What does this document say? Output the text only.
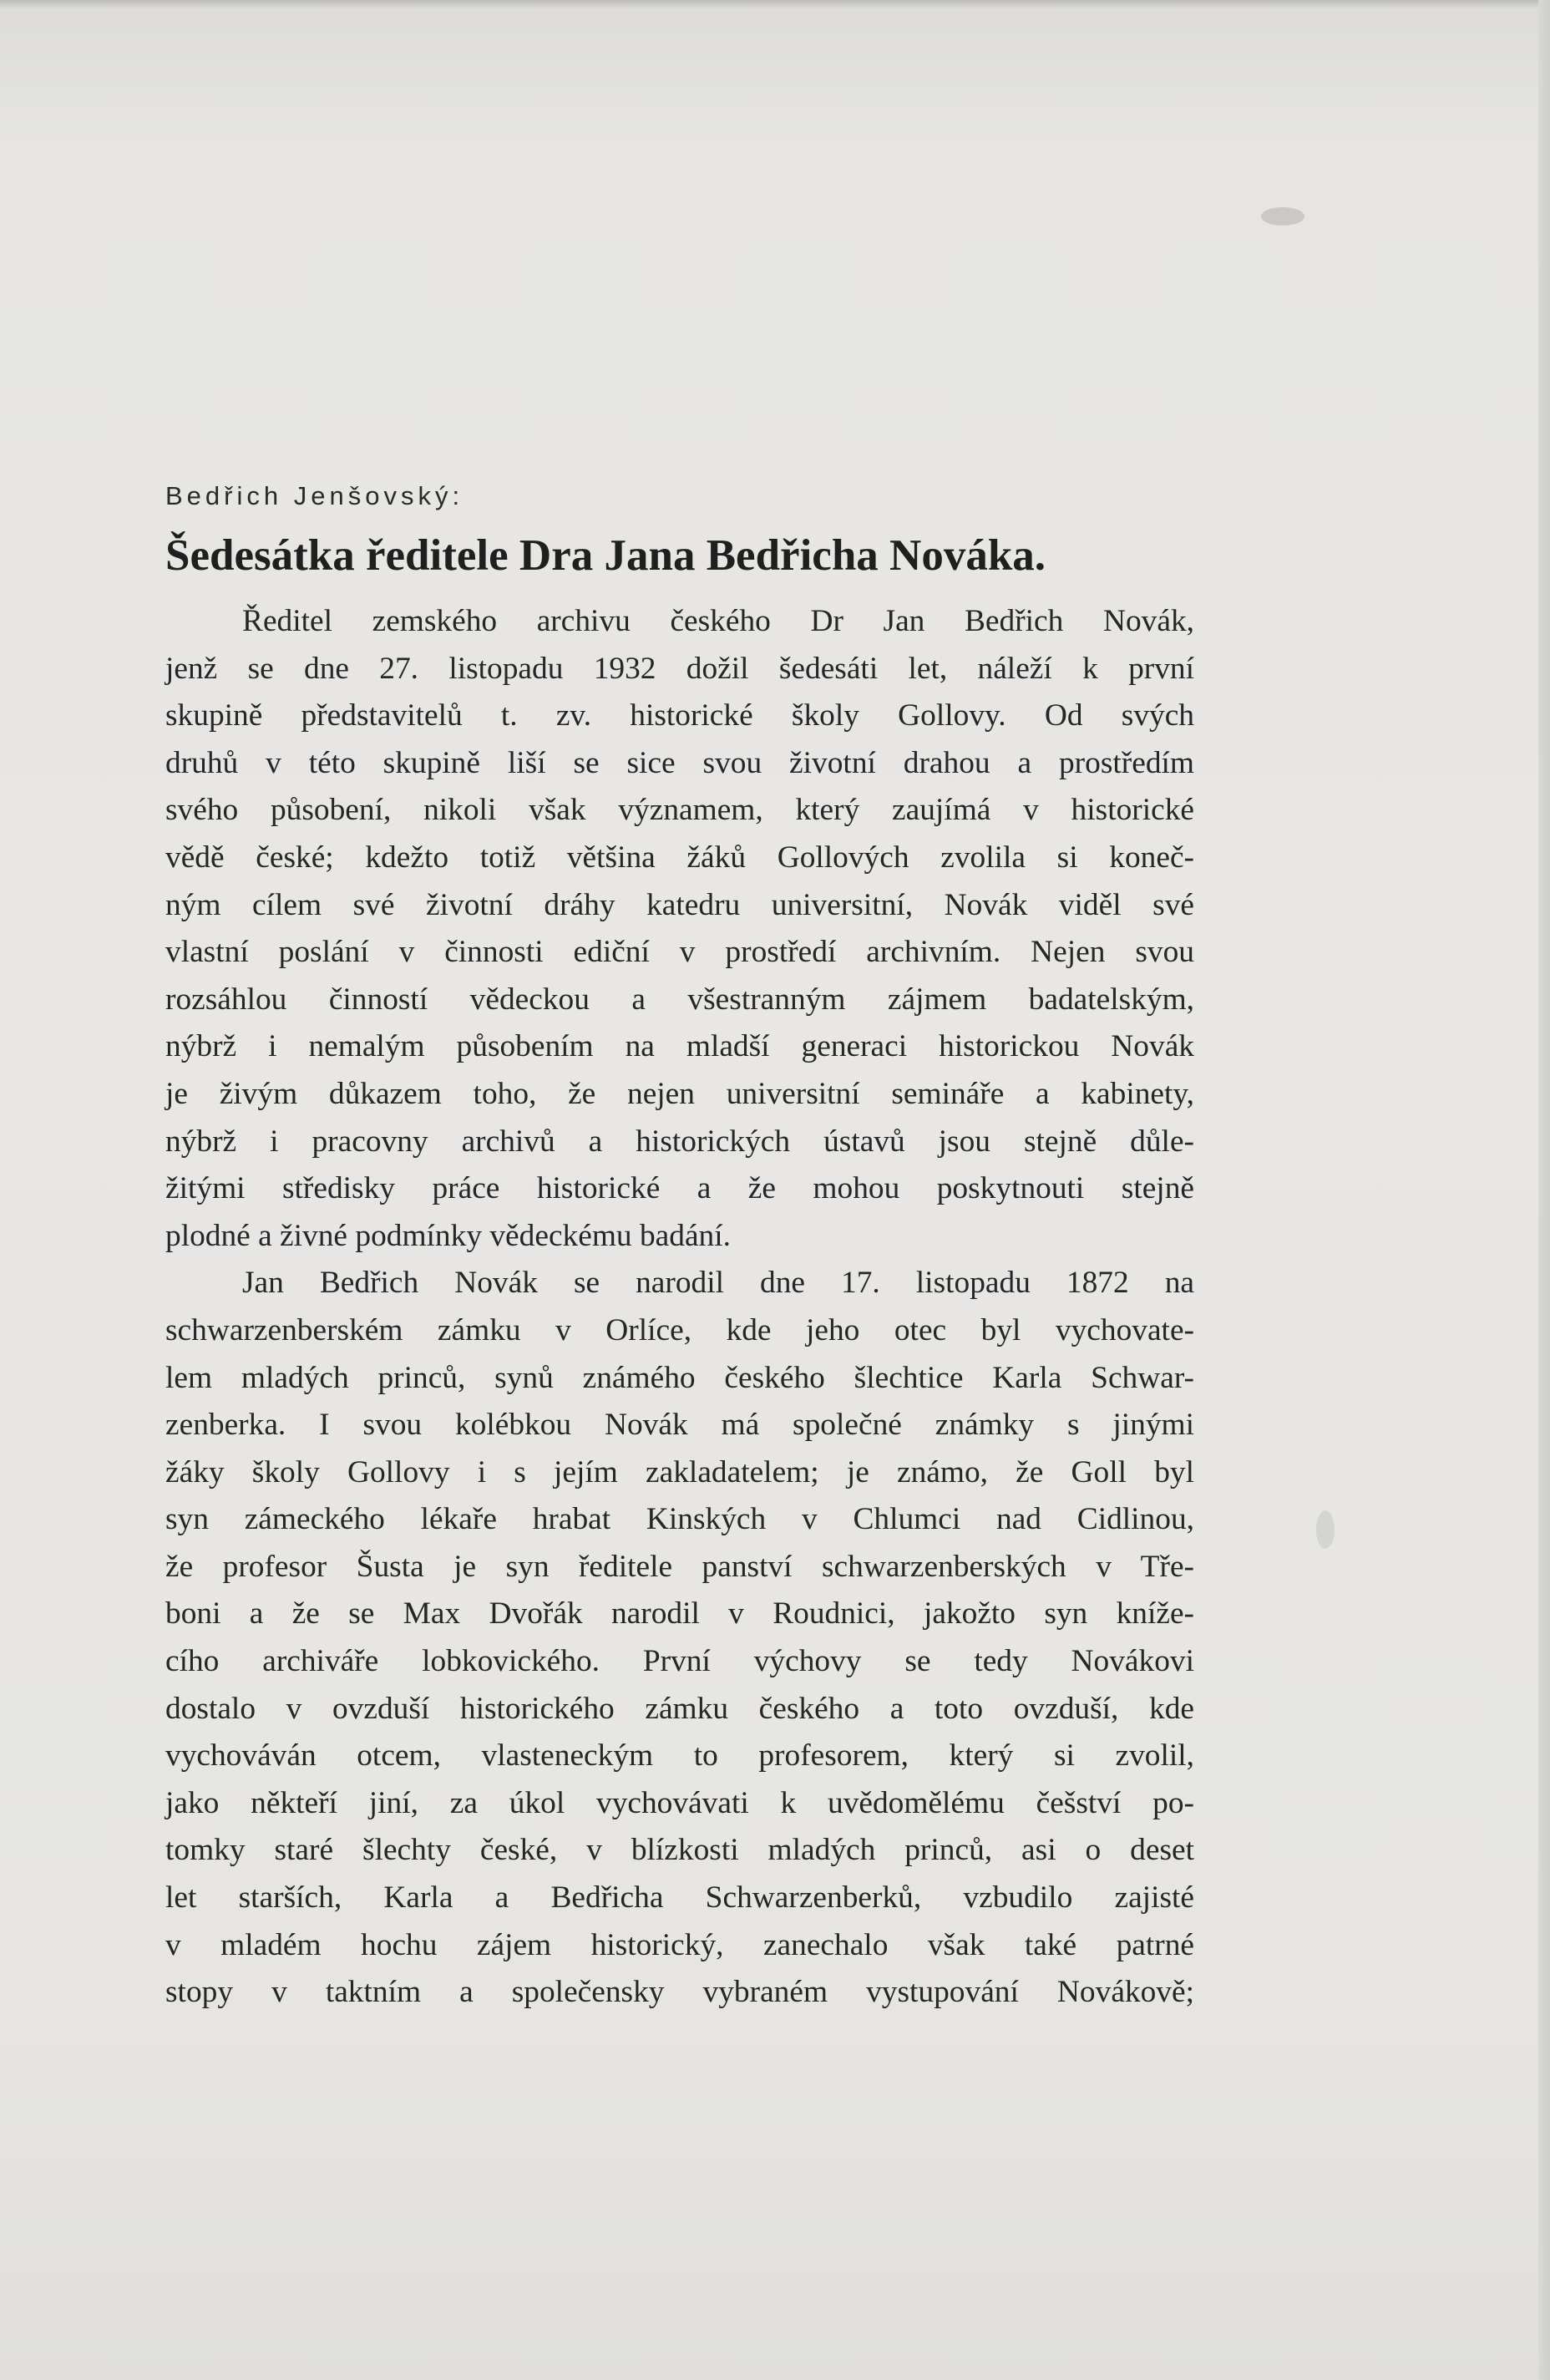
Bedřich Jenšovský:
Šedesátka ředitele Dra Jana Bedřicha Nováka.
Ředitel zemského archivu českého Dr Jan Bedřich Novák,
jenž se dne 27. listopadu 1932 dožil šedesáti let, náleží k první
skupině představitelů t. zv. historické školy Gollovy. Od svých
druhů v této skupině liší se sice svou životní drahou a prostředím
svého působení, nikoli však významem, který zaujímá v historické
vědě české; kdežto totiž většina žáků Gollových zvolila si koneč-
ným cílem své životní dráhy katedru universitní, Novák viděl své
vlastní poslání v činnosti ediční v prostředí archivním. Nejen svou
rozsáhlou činností vědeckou a všestranným zájmem badatelským,
nýbrž i nemalým působením na mladší generaci historickou Novák
je živým důkazem toho, že nejen universitní semináře a kabinety,
nýbrž i pracovny archivů a historických ústavů jsou stejně důle-
žitými středisky práce historické a že mohou poskytnouti stejně
plodné a živné podmínky vědeckému badání.
Jan Bedřich Novák se narodil dne 17. listopadu 1872 na
schwarzenberském zámku v Orlíce, kde jeho otec byl vychovate-
lem mladých princů, synů známého českého šlechtice Karla Schwar-
zenberka. I svou kolébkou Novák má společné známky s jinými
žáky školy Gollovy i s jejím zakladatelem; je známo, že Goll byl
syn zámeckého lékaře hrabat Kinských v Chlumci nad Cidlinou,
že profesor Šusta je syn ředitele panství schwarzenberských v Tře-
boni a že se Max Dvořák narodil v Roudnici, jakožto syn kníže-
cího archiváře lobkovického. První výchovy se tedy Novákovi
dostalo v ovzduší historického zámku českého a toto ovzduší, kde
vychováván otcem, vlasteneckým to profesorem, který si zvolil,
jako někteří jiní, za úkol vychovávati k uvědomělému češství po-
tomky staré šlechty české, v blízkosti mladých princů, asi o deset
let starších, Karla a Bedřicha Schwarzenberků, vzbudilo zajisté
v mladém hochu zájem historický, zanechalo však také patrné
stopy v taktním a společensky vybraném vystupování Novákově;
